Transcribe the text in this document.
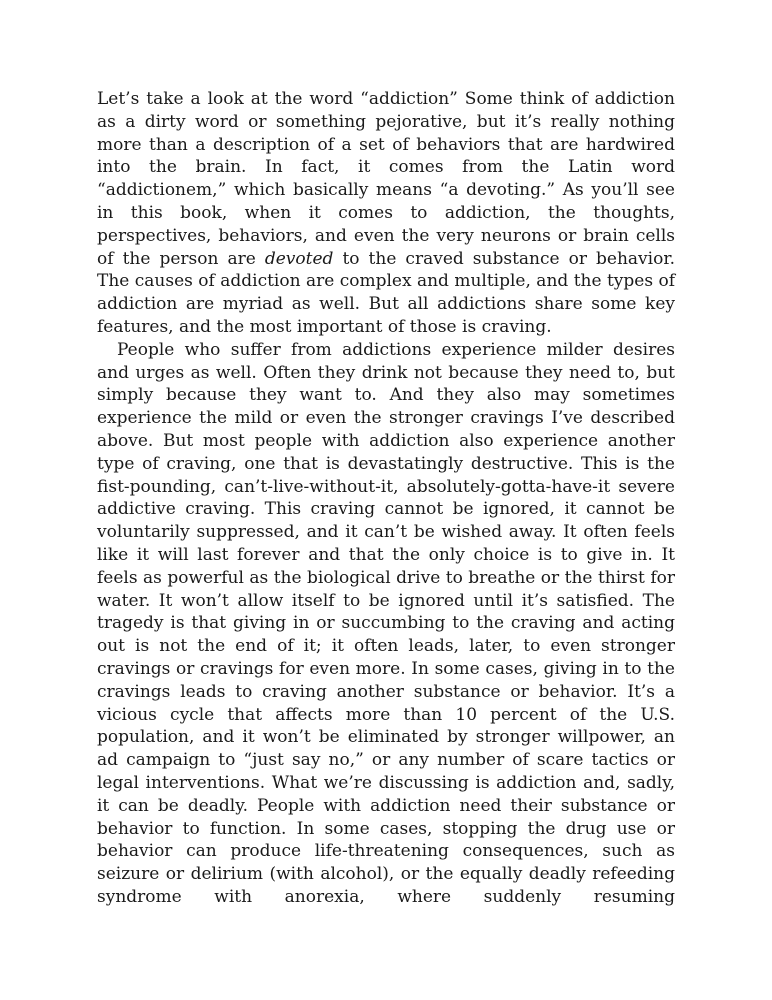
Let’s take a look at the word “addiction” Some think of addiction as a dirty word or something pejorative, but it’s really nothing more than a description of a set of behaviors that are hardwired into the brain. In fact, it comes from the Latin word “addictionem,” which basically means “a devoting.” As you’ll see in this book, when it comes to addiction, the thoughts, perspectives, behaviors, and even the very neurons or brain cells of the person are devoted to the craved substance or behavior. The causes of addiction are complex and multiple, and the types of addiction are myriad as well. But all addictions share some key features, and the most important of those is craving.

People who suffer from addictions experience milder desires and urges as well. Often they drink not because they need to, but simply because they want to. And they also may sometimes experience the mild or even the stronger cravings I’ve described above. But most people with addiction also experience another type of craving, one that is devastatingly destructive. This is the fist-pounding, can’t-live-without-it, absolutely-gotta-have-it severe addictive craving. This craving cannot be ignored, it cannot be voluntarily suppressed, and it can’t be wished away. It often feels like it will last forever and that the only choice is to give in. It feels as powerful as the biological drive to breathe or the thirst for water. It won’t allow itself to be ignored until it’s satisfied. The tragedy is that giving in or succumbing to the craving and acting out is not the end of it; it often leads, later, to even stronger cravings or cravings for even more. In some cases, giving in to the cravings leads to craving another substance or behavior. It’s a vicious cycle that affects more than 10 percent of the U.S. population, and it won’t be eliminated by stronger willpower, an ad campaign to “just say no,” or any number of scare tactics or legal interventions. What we’re discussing is addiction and, sadly, it can be deadly. People with addiction need their substance or behavior to function. In some cases, stopping the drug use or behavior can produce life-threatening consequences, such as seizure or delirium (with alcohol), or the equally deadly refeeding syndrome with anorexia, where suddenly resuming
